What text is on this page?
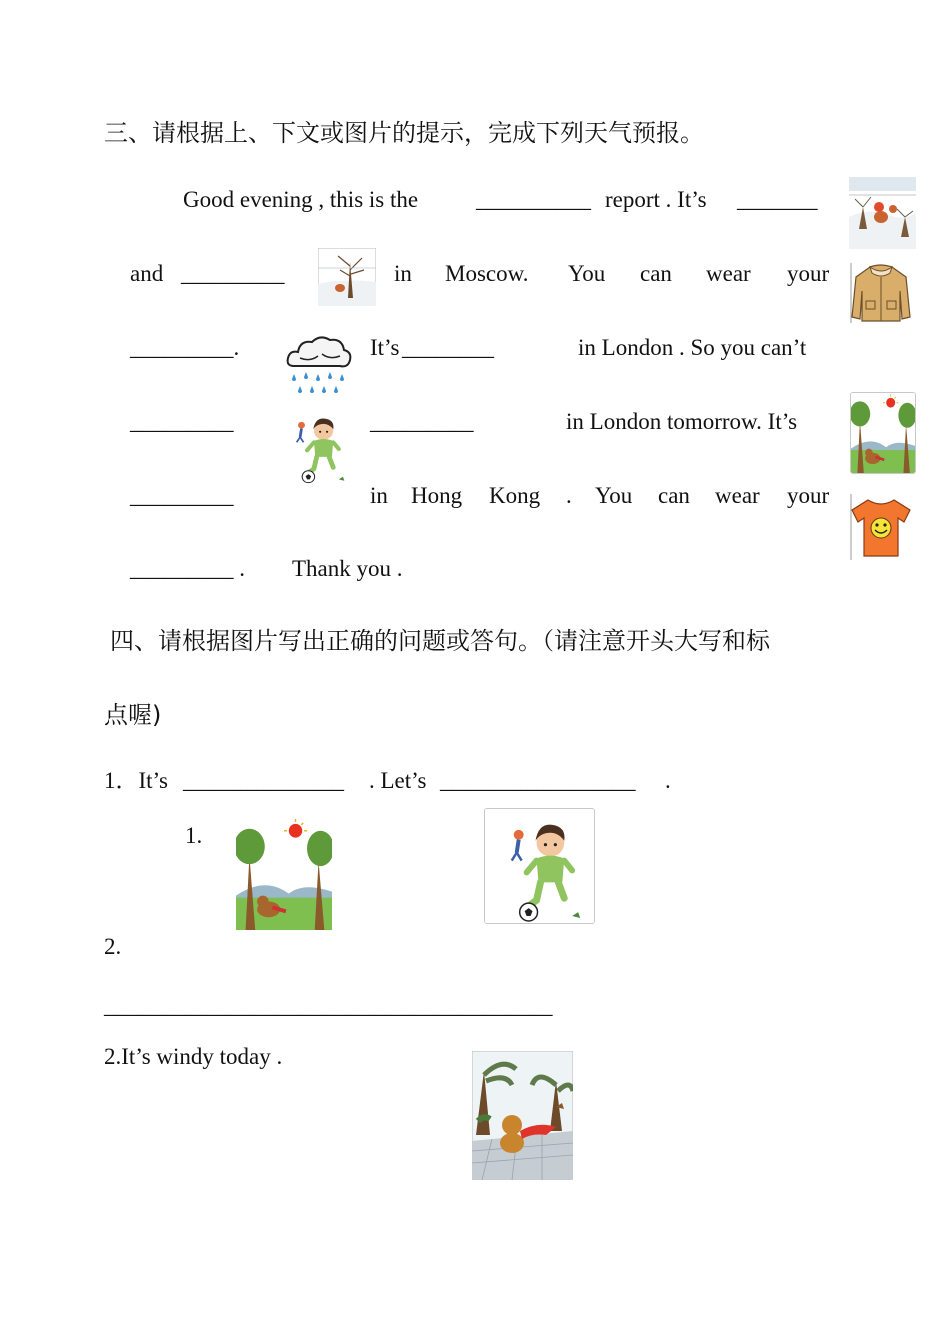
三、请根据上、下文或图片的提示，完成下列天气预报。
Good evening , this is the	__________ report . It’s _______
and _________	in Moscow. You can wear your
_________.	It’s ________	in London . So you can’t
_________	_________	in London tomorrow. It’s
_________	in Hong Kong . You can wear your
_________ . Thank you .
四、请根据图片写出正确的问题或答句。（请注意开头大写和标
点喔)
1．It’s ______________ . Let’s _________________ .
1.
2.
_______________________________________
2.It’s windy today .
